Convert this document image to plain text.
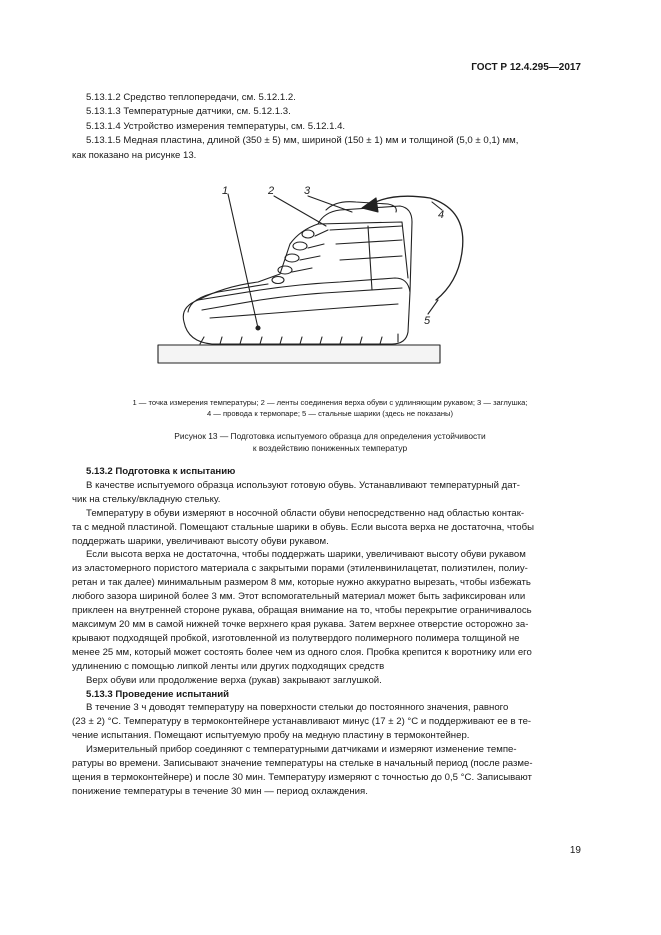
ГОСТ Р 12.4.295—2017

5.13.1.2 Средство теплопередачи, см. 5.12.1.2.

5.13.1.3 Температурные датчики, см. 5.12.1.3.

5.13.1.4 Устройство измерения температуры, см. 5.12.1.4.

5.13.1.5 Медная пластина, длиной (350 ± 5) мм, шириной (150 ± 1) мм и толщиной (5,0 ± 0,1) мм,

как показано на рисунке 13.

1	2	3
4
5

1 — точка измерения температуры; 2 — ленты соединения верха обуви с удлиняющим рукавом; 3 — заглушка;

4 — провода к термопаре; 5 — стальные шарики (здесь не показаны)

Рисунок 13 — Подготовка испытуемого образца для определения устойчивости

к воздействию пониженных температур

5.13.2 Подготовка к испытанию

В качестве испытуемого образца используют готовую обувь. Устанавливают температурный дат-

чик на стельку/вкладную стельку.

Температуру в обуви измеряют в носочной области обуви непосредственно над областью контак-

та с медной пластиной. Помещают стальные шарики в обувь. Если высота верха не достаточна, чтобы

поддержать шарики, увеличивают высоту обуви рукавом.

Если высота верха не достаточна, чтобы поддержать шарики, увеличивают высоту обуви рукавом

из эластомерного пористого материала с закрытыми порами (этиленвинилацетат, полиэтилен, полиу-

ретан и так далее) минимальным размером 8 мм, которые нужно аккуратно вырезать, чтобы избежать

любого зазора шириной более 3 мм. Этот вспомогательный материал может быть зафиксирован или

приклеен на внутренней стороне рукава, обращая внимание на то, чтобы перекрытие ограничивалось

максимум 20 мм в самой нижней точке верхнего края рукава. Затем верхнее отверстие осторожно за-

крывают подходящей пробкой, изготовленной из полутвердого полимерного полимера толщиной не

менее 25 мм, который может состоять более чем из одного слоя. Пробка крепится к воротнику или его

удлинению с помощью липкой ленты или других подходящих средств

Верх обуви или продолжение верха (рукав) закрывают заглушкой.

5.13.3 Проведение испытаний

В течение 3 ч доводят температуру на поверхности стельки до постоянного значения, равного

(23 ± 2) °С. Температуру в термоконтейнере устанавливают минус (17 ± 2) °С и поддерживают ее в те-

чение испытания. Помещают испытуемую пробу на медную пластину в термоконтейнер.

Измерительный прибор соединяют с температурными датчиками и измеряют изменение темпе-

ратуры во времени. Записывают значение температуры на стельке в начальный период (после разме-

щения в термоконтейнере) и после 30 мин. Температуру измеряют с точностью до 0,5 °С. Записывают

понижение температуры в течение 30 мин — период охлаждения.

19
